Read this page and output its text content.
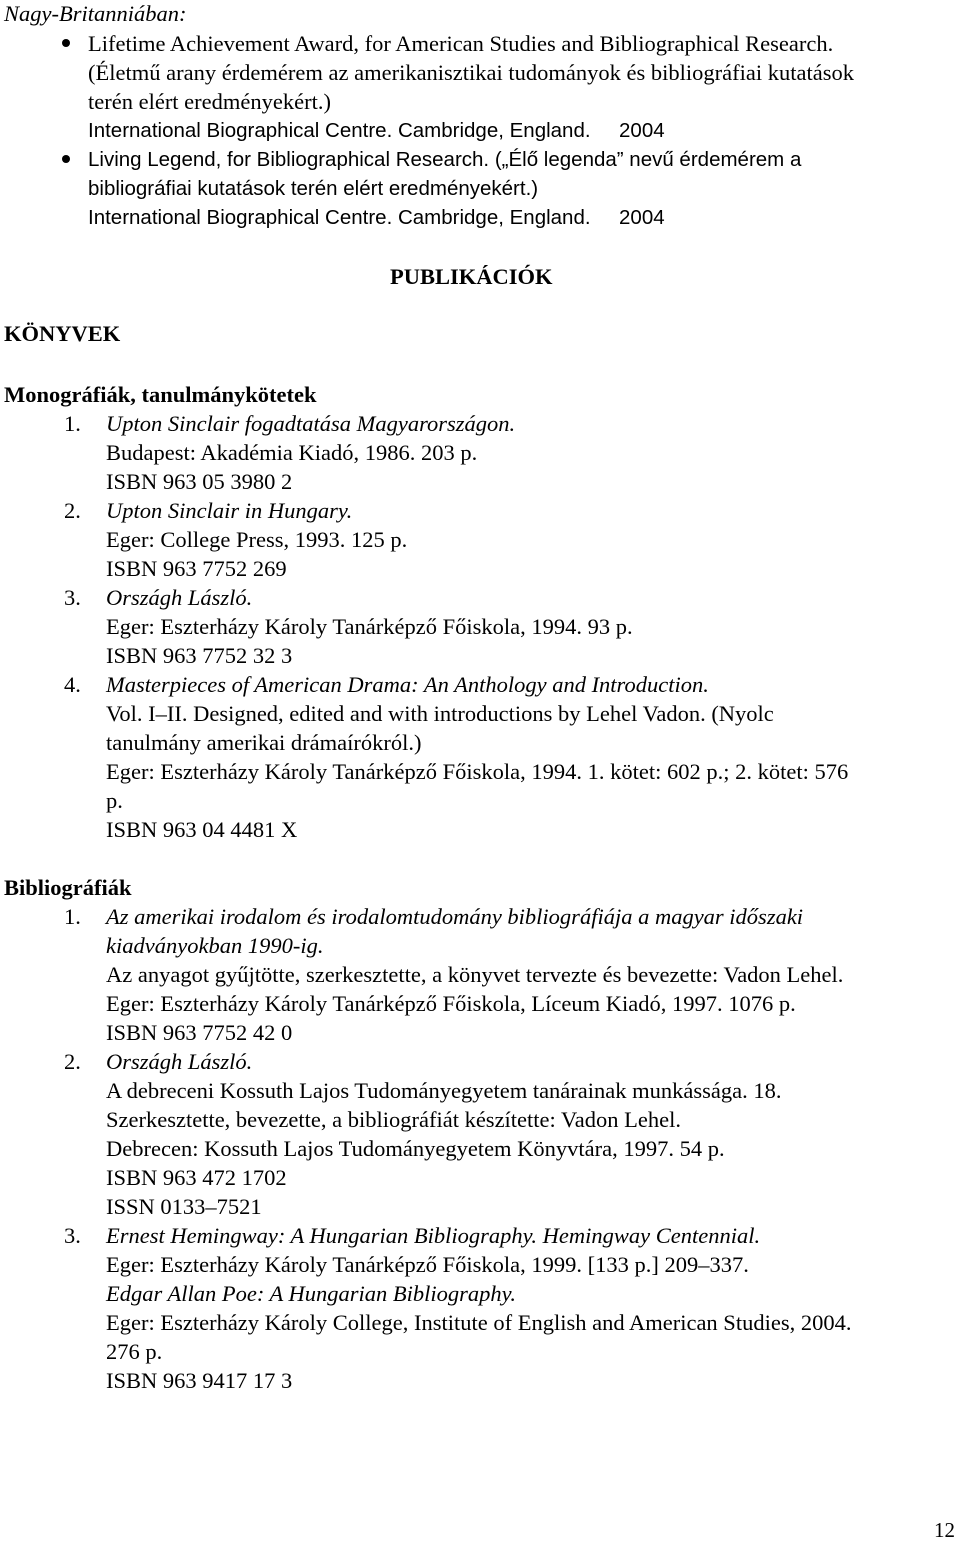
Nagy-Britanniában:
Lifetime Achievement Award, for American Studies and Bibliographical Research.
(Életmű arany érdemérem az amerikanisztikai tudományok és bibliográfiai kutatások
terén elért eredményekért.)
International Biographical Centre. Cambridge, England.     2004
Living Legend, for Bibliographical Research. („Élő legenda” nevű érdemérem a
bibliográfiai kutatások terén elért eredményekért.)
International Biographical Centre. Cambridge, England.     2004
PUBLIKÁCIÓK
KÖNYVEK
Monográfiák, tanulmánykötetek
1. Upton Sinclair fogadtatása Magyarországon.
Budapest: Akadémia Kiadó, 1986. 203 p.
ISBN 963 05 3980 2
2. Upton Sinclair in Hungary.
Eger: College Press, 1993. 125 p.
ISBN 963 7752 269
3. Országh László.
Eger: Eszterházy Károly Tanárképző Főiskola, 1994. 93 p.
ISBN 963 7752 32 3
4. Masterpieces of American Drama: An Anthology and Introduction.
Vol. I–II. Designed, edited and with introductions by Lehel Vadon. (Nyolc
tanulmány amerikai drámaírókról.)
Eger: Eszterházy Károly Tanárképző Főiskola, 1994. 1. kötet: 602 p.; 2. kötet: 576
p.
ISBN 963 04 4481 X
Bibliográfiák
1. Az amerikai irodalom és irodalomtudomány bibliográfiája a magyar időszaki
kiadványokban 1990-ig.
Az anyagot gyűjtötte, szerkesztette, a könyvet tervezte és bevezette: Vadon Lehel.
Eger: Eszterházy Károly Tanárképző Főiskola, Líceum Kiadó, 1997. 1076 p.
ISBN 963 7752 42 0
2. Országh László.
A debreceni Kossuth Lajos Tudományegyetem tanárainak munkássága. 18.
Szerkesztette, bevezette, a bibliográfiát készítette: Vadon Lehel.
Debrecen: Kossuth Lajos Tudományegyetem Könyvtára, 1997. 54 p.
ISBN 963 472 1702
ISSN 0133–7521
3. Ernest Hemingway: A Hungarian Bibliography. Hemingway Centennial.
Eger: Eszterházy Károly Tanárképző Főiskola, 1999. [133 p.] 209–337.
Edgar Allan Poe: A Hungarian Bibliography.
Eger: Eszterházy Károly College, Institute of English and American Studies, 2004.
276 p.
ISBN 963 9417 17 3
12
